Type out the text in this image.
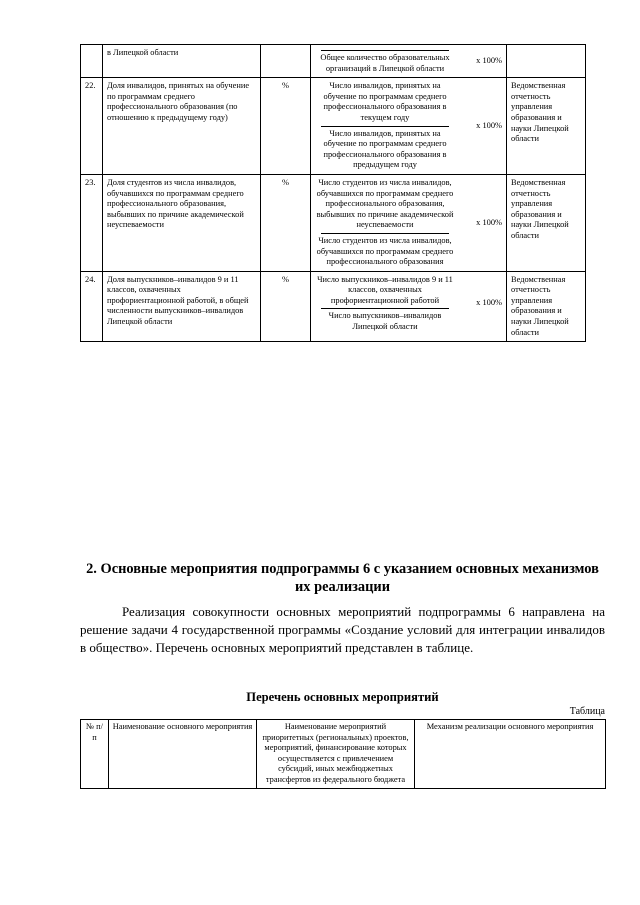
	в Липецкой области		Общее количество образовательных организаций в Липецкой области
х 100%	

22.	Доля инвалидов, принятых на обучение по программам среднего профессионального образования (по отношению к предыдущему году)	%	Число инвалидов, принятых на обучение по программам среднего профессионального образования в текущем году
Число инвалидов, принятых на обучение по программам среднего профессионального образования в предыдущем году
х 100%	Ведомственная отчетность управления образования и науки Липецкой области
23.	Доля студентов из числа инвалидов, обучавшихся по программам среднего профессионального образования, выбывших по причине академической неуспеваемости	%	Число студентов из числа инвалидов, обучавшихся по программам среднего профессионального образования, выбывших по причине академической неуспеваемости
Число студентов из числа инвалидов, обучавшихся по программам среднего профессионального образования
х 100%	Ведомственная отчетность управления образования и науки Липецкой области
24.	Доля выпускников–инвалидов 9 и 11 классов, охваченных профориентационной работой, в общей численности выпускников–инвалидов Липецкой области	%	Число выпускников–инвалидов 9 и 11 классов, охваченных профориентационной работой
Число выпускников–инвалидов Липецкой области
х 100%	Ведомственная отчетность управления образования и науки Липецкой области
2. Основные мероприятия подпрограммы 6 с указанием основных механизмов их реализации

Реализация совокупности основных мероприятий подпрограммы 6 направлена на решение задачи 4 государственной программы «Создание условий для интеграции инвалидов в общество». Перечень основных мероприятий представлен в таблице.

Перечень основных мероприятий
Таблица
№ п/п	Наименование основного мероприятия	Наименование мероприятий приоритетных (региональных) проектов, мероприятий, финансирование которых осуществляется с привлечением субсидий, иных межбюджетных трансфертов из федерального бюджета	Механизм реализации основного мероприятия
